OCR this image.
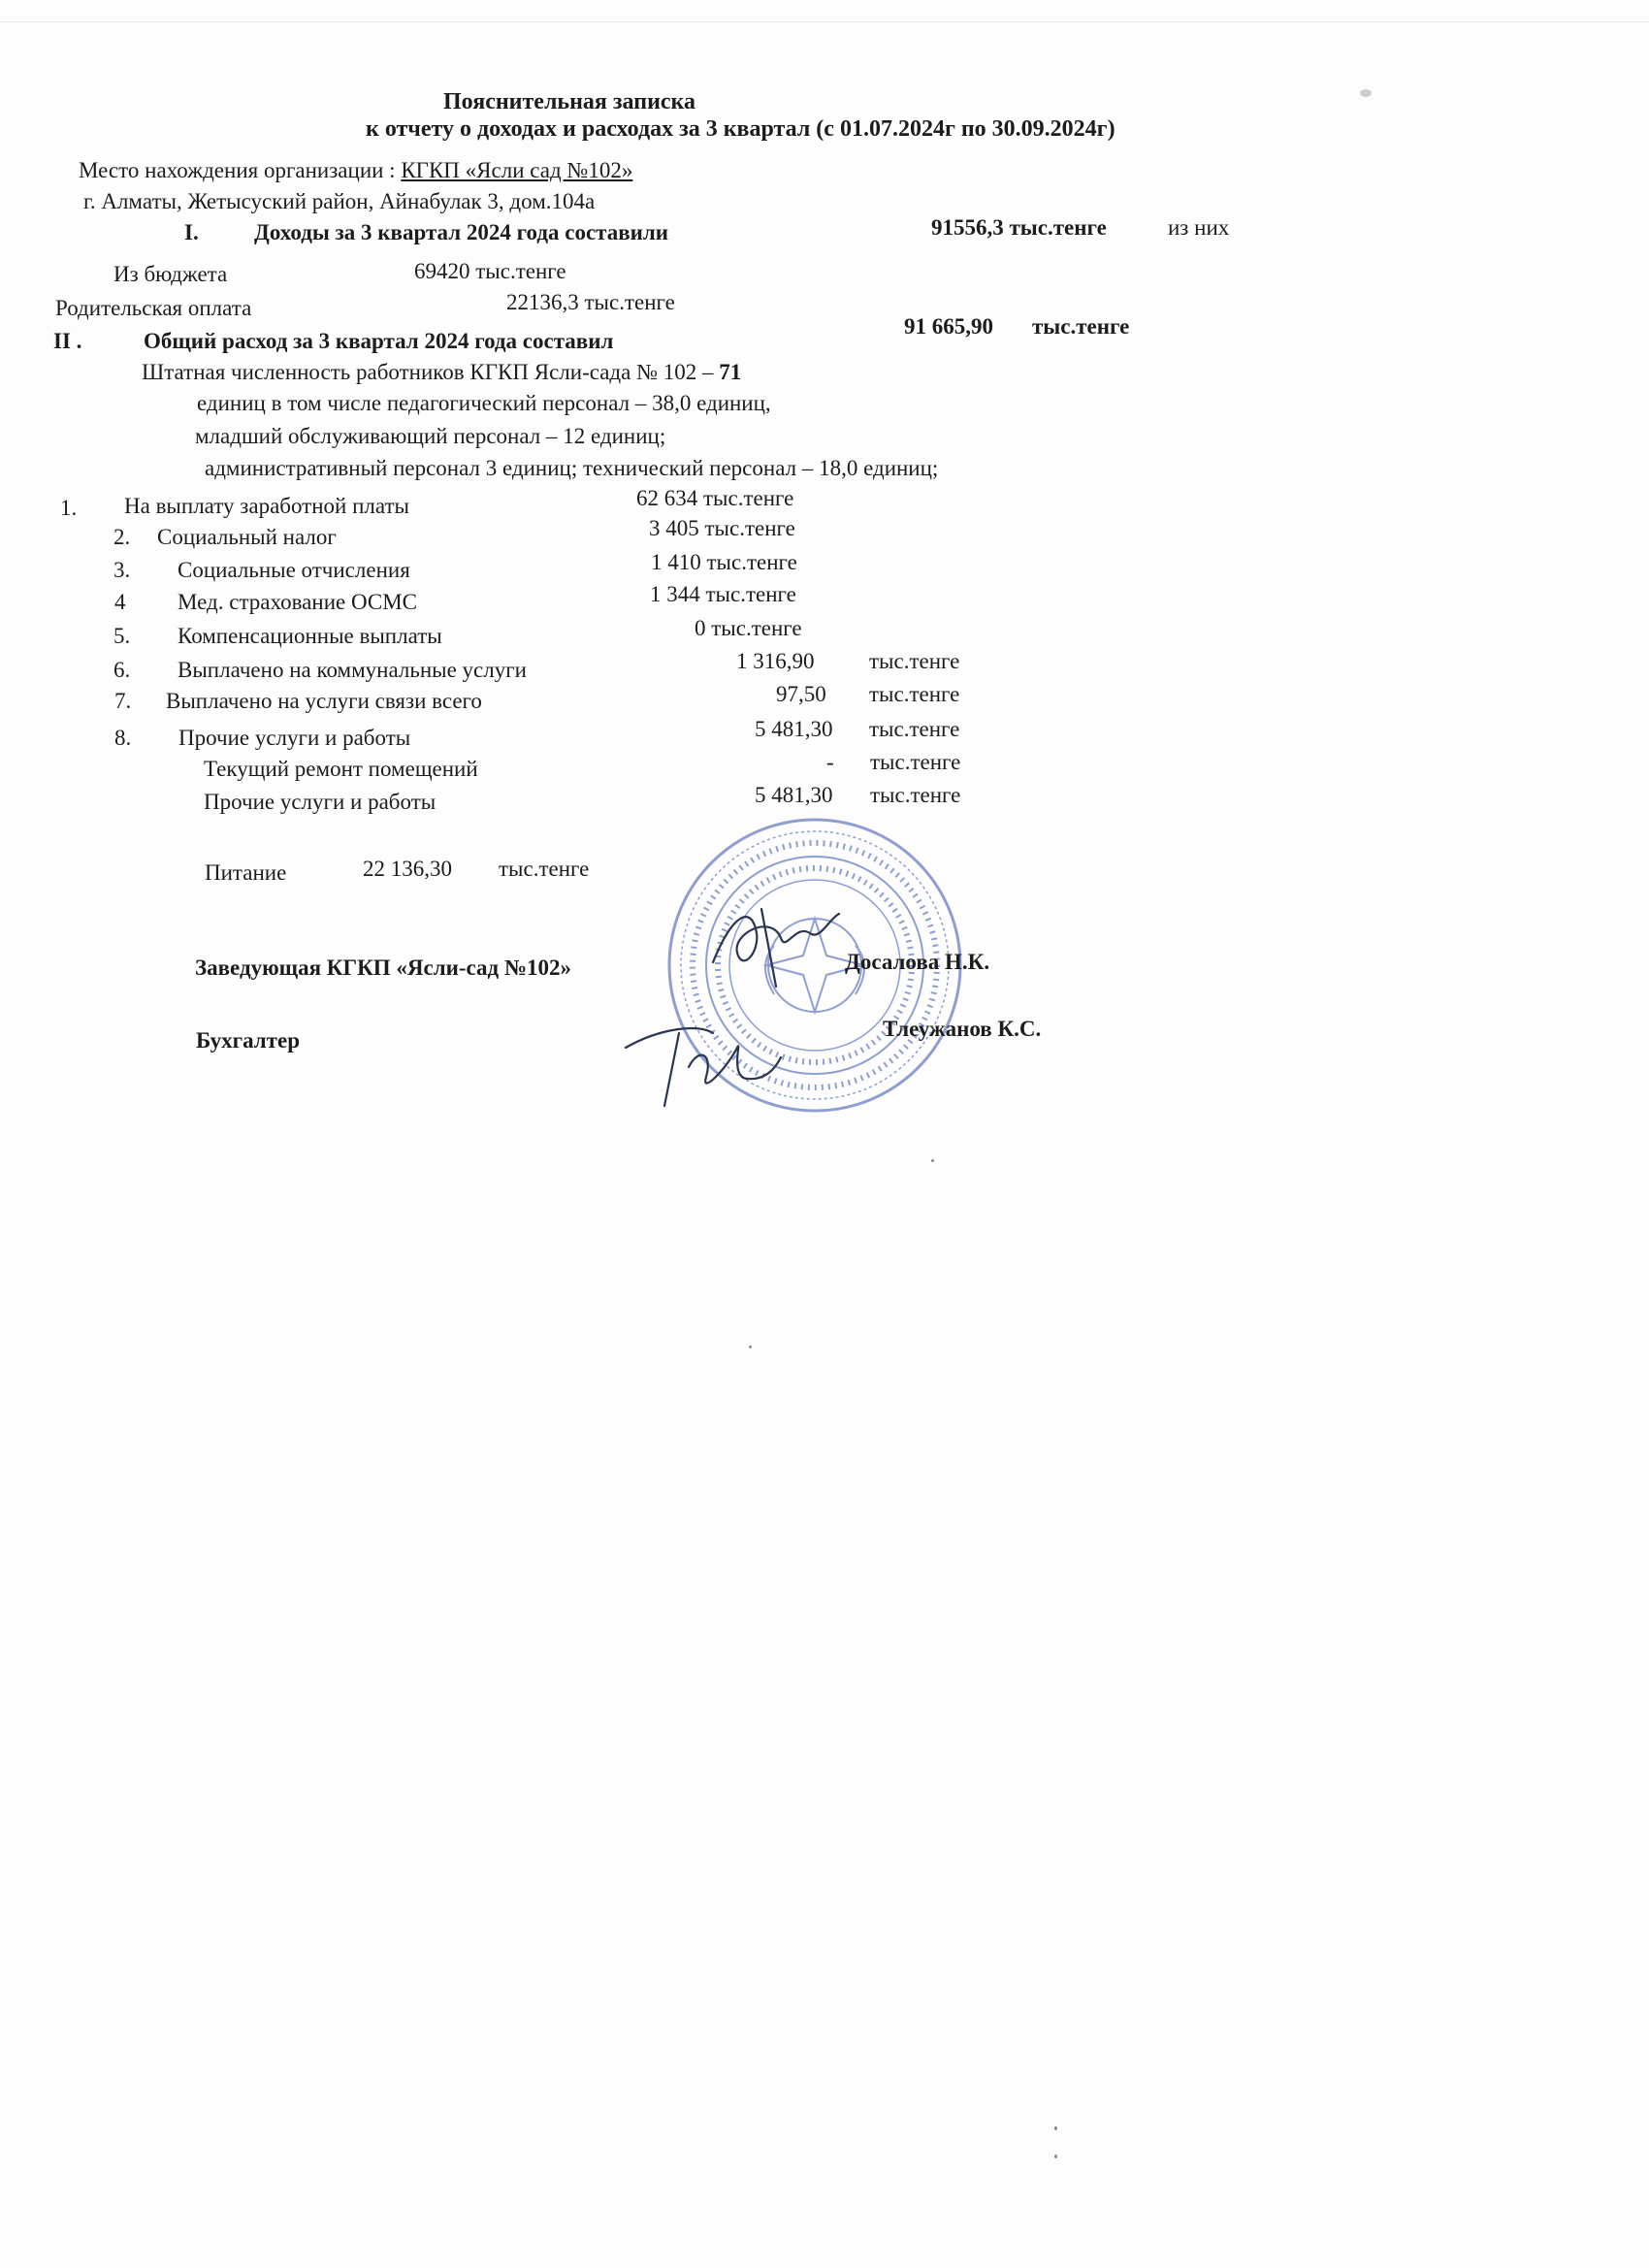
Пояснительная записка
к отчету о доходах и расходах за 3 квартал (с 01.07.2024г по 30.09.2024г)
Место нахождения организации : КГКП «Ясли сад №102»
г. Алматы, Жетысуский район, Айнабулак 3, дом.104а
I. Доходы за 3 квартал 2024 года составили	91556,3 тыс.тенге	из них
Из бюджета	69420 тыс.тенге
Родительская оплата	22136,3 тыс.тенге
II .	Общий расход за 3 квартал 2024 года составил
91 665,90 тыс.тенге
Штатная численность работников КГКП Ясли-сада № 102 – 71
единиц в том числе педагогический персонал – 38,0 единиц,
младший обслуживающий персонал – 12 единиц;
административный персонал 3 единиц; технический персонал – 18,0 единиц;
1. На выплату заработной платы	62 634 тыс.тенге
2. Социальный налог	3 405 тыс.тенге
3. Социальные отчисления	1 410 тыс.тенге
4 Мед. страхование ОСМС	1 344 тыс.тенге
5. Компенсационные выплаты	0 тыс.тенге
6. Выплачено на коммунальные услуги	1 316,90 тыс.тенге
7. Выплачено на услуги связи всего	97,50 тыс.тенге
8. Прочие услуги и работы	5 481,30 тыс.тенге
Текущий ремонт помещений	- тыс.тенге
Прочие услуги и работы	5 481,30 тыс.тенге
Питание	22 136,30 тыс.тенге
Заведующая КГКП «Ясли-сад №102»	Досалова Н.К.
Бухгалтер	Тлеужанов К.С.
